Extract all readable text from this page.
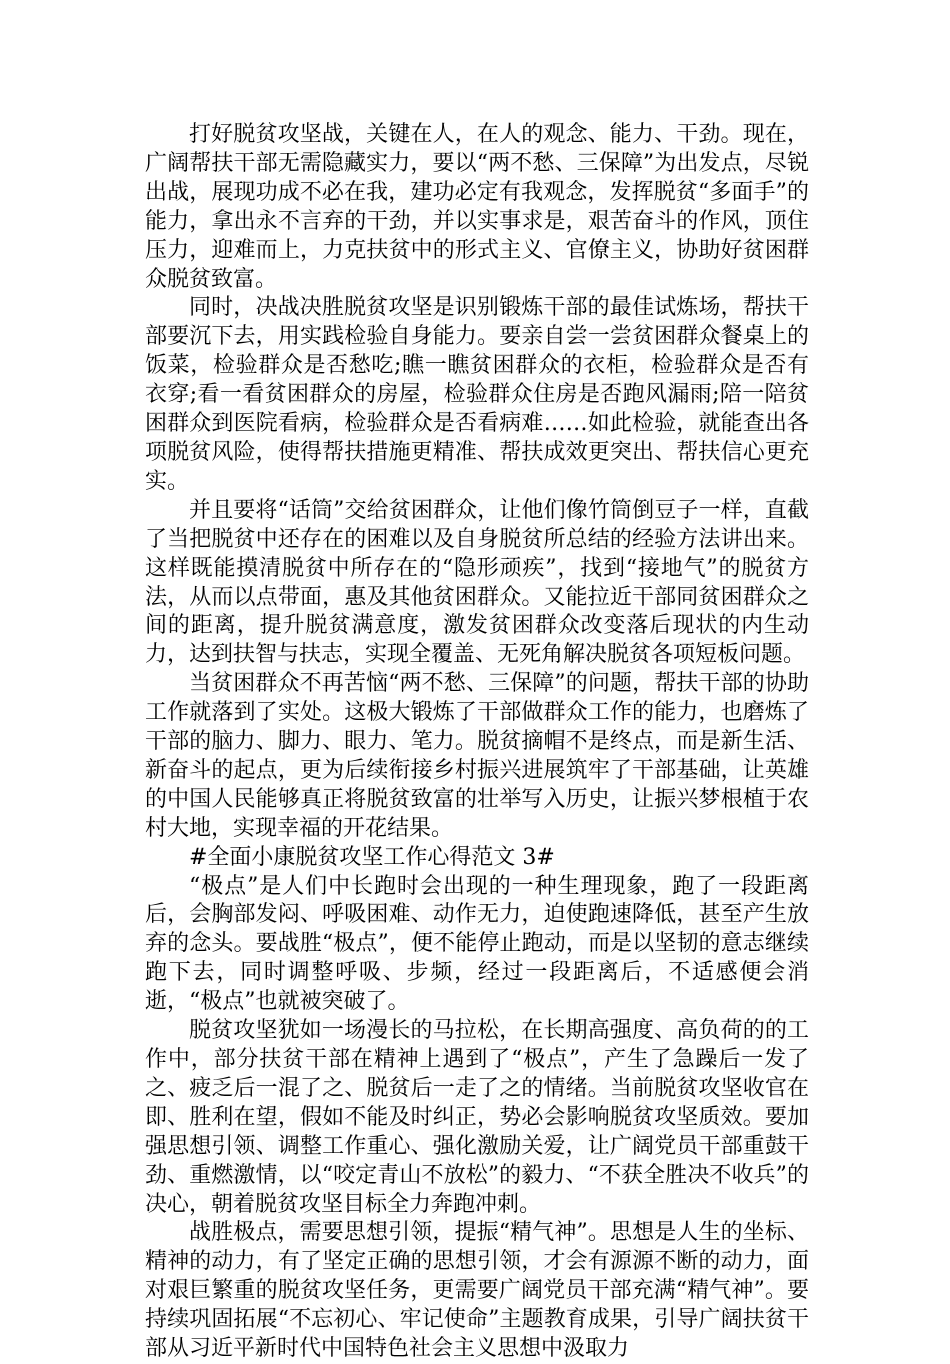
打好脱贫攻坚战，关键在人，在人的观念、能力、干劲。现在，广阔帮扶干部无需隐藏实力，要以“两不愁、三保障”为出发点，尽锐出战，展现功成不必在我，建功必定有我观念，发挥脱贫“多面手”的能力，拿出永不言弃的干劲，并以实事求是，艰苦奋斗的作风，顶住压力，迎难而上，力克扶贫中的形式主义、官僚主义，协助好贫困群众脱贫致富。

同时，决战决胜脱贫攻坚是识别锻炼干部的最佳试炼场，帮扶干部要沉下去，用实践检验自身能力。要亲自尝一尝贫困群众餐桌上的饭菜，检验群众是否愁吃;瞧一瞧贫困群众的衣柜，检验群众是否有衣穿;看一看贫困群众的房屋，检验群众住房是否跑风漏雨;陪一陪贫困群众到医院看病，检验群众是否看病难……如此检验，就能查出各项脱贫风险，使得帮扶措施更精准、帮扶成效更突出、帮扶信心更充实。

并且要将“话筒”交给贫困群众，让他们像竹筒倒豆子一样，直截了当把脱贫中还存在的困难以及自身脱贫所总结的经验方法讲出来。这样既能摸清脱贫中所存在的“隐形顽疾”，找到“接地气”的脱贫方法，从而以点带面，惠及其他贫困群众。又能拉近干部同贫困群众之间的距离，提升脱贫满意度，激发贫困群众改变落后现状的内生动力，达到扶智与扶志，实现全覆盖、无死角解决脱贫各项短板问题。

当贫困群众不再苦恼“两不愁、三保障”的问题，帮扶干部的协助工作就落到了实处。这极大锻炼了干部做群众工作的能力，也磨炼了干部的脑力、脚力、眼力、笔力。脱贫摘帽不是终点，而是新生活、新奋斗的起点，更为后续衔接乡村振兴进展筑牢了干部基础，让英雄的中国人民能够真正将脱贫致富的壮举写入历史，让振兴梦根植于农村大地，实现幸福的开花结果。

#全面小康脱贫攻坚工作心得范文 3#

“极点”是人们中长跑时会出现的一种生理现象，跑了一段距离后，会胸部发闷、呼吸困难、动作无力，迫使跑速降低，甚至产生放弃的念头。要战胜“极点”，便不能停止跑动，而是以坚韧的意志继续跑下去，同时调整呼吸、步频，经过一段距离后，不适感便会消逝，“极点”也就被突破了。

脱贫攻坚犹如一场漫长的马拉松，在长期高强度、高负荷的的工作中，部分扶贫干部在精神上遇到了“极点”，产生了急躁后一发了之、疲乏后一混了之、脱贫后一走了之的情绪。当前脱贫攻坚收官在即、胜利在望，假如不能及时纠正，势必会影响脱贫攻坚质效。要加强思想引领、调整工作重心、强化激励关爱，让广阔党员干部重鼓干劲、重燃激情，以“咬定青山不放松”的毅力、“不获全胜决不收兵”的决心，朝着脱贫攻坚目标全力奔跑冲刺。

战胜极点，需要思想引领，提振“精气神”。思想是人生的坐标、精神的动力，有了坚定正确的思想引领，才会有源源不断的动力，面对艰巨繁重的脱贫攻坚任务，更需要广阔党员干部充满“精气神”。要持续巩固拓展“不忘初心、牢记使命”主题教育成果，引导广阔扶贫干部从习近平新时代中国特色社会主义思想中汲取力
